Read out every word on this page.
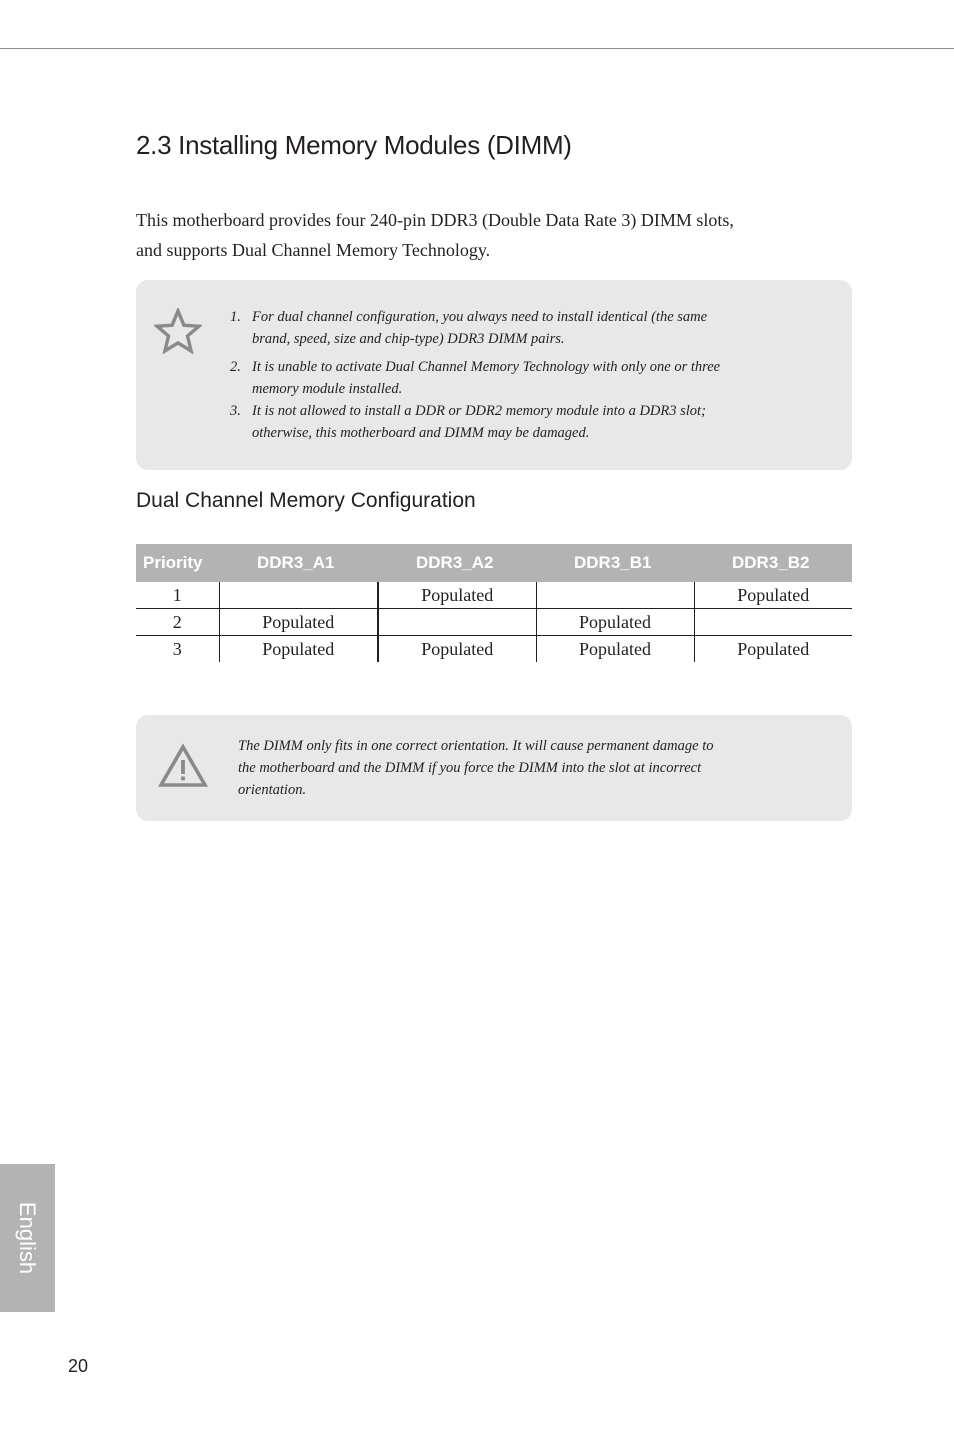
2.3 Installing Memory Modules (DIMM)

This motherboard provides four 240-pin DDR3 (Double Data Rate 3) DIMM slots,
and supports Dual Channel Memory Technology.

1. For dual channel configuration, you always need to install identical (the same
brand, speed, size and chip-type) DDR3 DIMM pairs.
2. It is unable to activate Dual Channel Memory Technology with only one or three
memory module installed.
3. It is not allowed to install a DDR or DDR2 memory module into a DDR3 slot;
otherwise, this motherboard and DIMM may be damaged.
Dual Channel Memory Configuration
Priority	DDR3_A1	DDR3_A2	DDR3_B1	DDR3_B2
1		Populated		Populated
2	Populated		Populated	
3	Populated	Populated	Populated	Populated

The DIMM only fits in one correct orientation. It will cause permanent damage to
the motherboard and the DIMM if you force the DIMM into the slot at incorrect
orientation.

English
20
